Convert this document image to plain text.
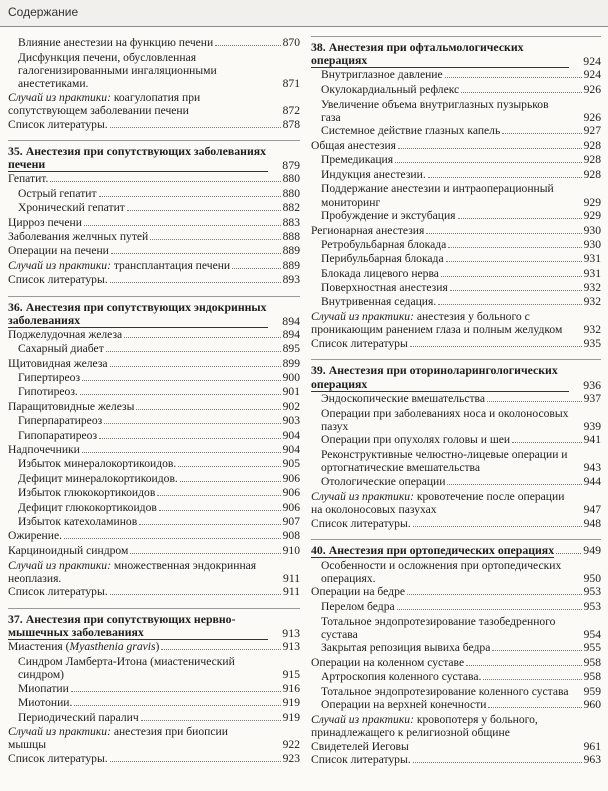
Содержание
Влияние анестезии на функцию печени	870
Дисфункция печени, обусловленная галогенизированными ингаляционными анестетиками.	871
Случай из практики: коагулопатия при сопутствующем заболевании печени	872
Список литературы.	878
35. Анестезия при сопутствующих заболеваниях печени	879
Гепатит.	880
Острый гепатит	880
Хронический гепатит	882
Цирроз печени	883
Заболевания желчных путей	888
Операции на печени	889
Случай из практики: трансплантация печени	889
Список литературы.	893
36. Анестезия при сопутствующих эндокринных заболеваниях	894
Поджелудочная железа	894
Сахарный диабет	895
Щитовидная железа	899
Гипертиреоз	900
Гипотиреоз.	901
Паращитовидные железы	902
Гиперпаратиреоз	903
Гипопаратиреоз	904
Надпочечники	904
Избыток минералокортикоидов.	905
Дефицит минералокортикоидов.	906
Избыток глюкокортикоидов	906
Дефицит глюкокортикоидов	906
Избыток катехоламинов	907
Ожирение.	908
Карциноидный синдром	910
Случай из практики: множественная эндокринная неоплазия.	911
Список литературы.	911
37. Анестезия при сопутствующих нервно-мышечных заболеваниях	913
Миастения (Myasthenia gravis)	913
Синдром Ламберта-Итона (миастенический синдром)	915
Миопатии	916
Миотонии.	919
Периодический паралич	919
Случай из практики: анестезия при биопсии мышцы	922
Список литературы.	923
38. Анестезия при офтальмологических операциях	924
Внутриглазное давление	924
Окулокардиальный рефлекс	926
Увеличение объема внутриглазных пузырьков газа	926
Системное действие глазных капель	927
Общая анестезия	928
Премедикация	928
Индукция анестезии.	928
Поддержание анестезии и интраоперационный мониторинг	929
Пробуждение и экстубация	929
Регионарная анестезия	930
Ретробульбарная блокада	930
Перибульбарная блокада	931
Блокада лицевого нерва	931
Поверхностная анестезия	932
Внутривенная седация.	932
Случай из практики: анестезия у больного с проникающим ранением глаза и полным желудком 932
Список литературы	935
39. Анестезия при оториноларингологических операциях	936
Эндоскопические вмешательства	937
Операции при заболеваниях носа и околоносовых пазух	939
Операции при опухолях головы и шеи	941
Реконструктивные челюстно-лицевые операции и ортогнатические вмешательства	943
Отологические операции	944
Случай из практики: кровотечение после операции на околоносовых пазухах	947
Список литературы.	948
40. Анестезия при ортопедических операциях 949
Особенности и осложнения при ортопедических операциях.	950
Операции на бедре	953
Перелом бедра	953
Тотальное эндопротезирование тазобедренного сустава	954
Закрытая репозиция вывиха бедра	955
Операции на коленном суставе	958
Артроскопия коленного сустава.	958
Тотальное эндопротезирование коленного сустава 959
Операции на верхней конечности	960
Случай из практики: кровопотеря у больного, принадлежащего к религиозной общине Свидетелей Иеговы	961
Список литературы.	963
